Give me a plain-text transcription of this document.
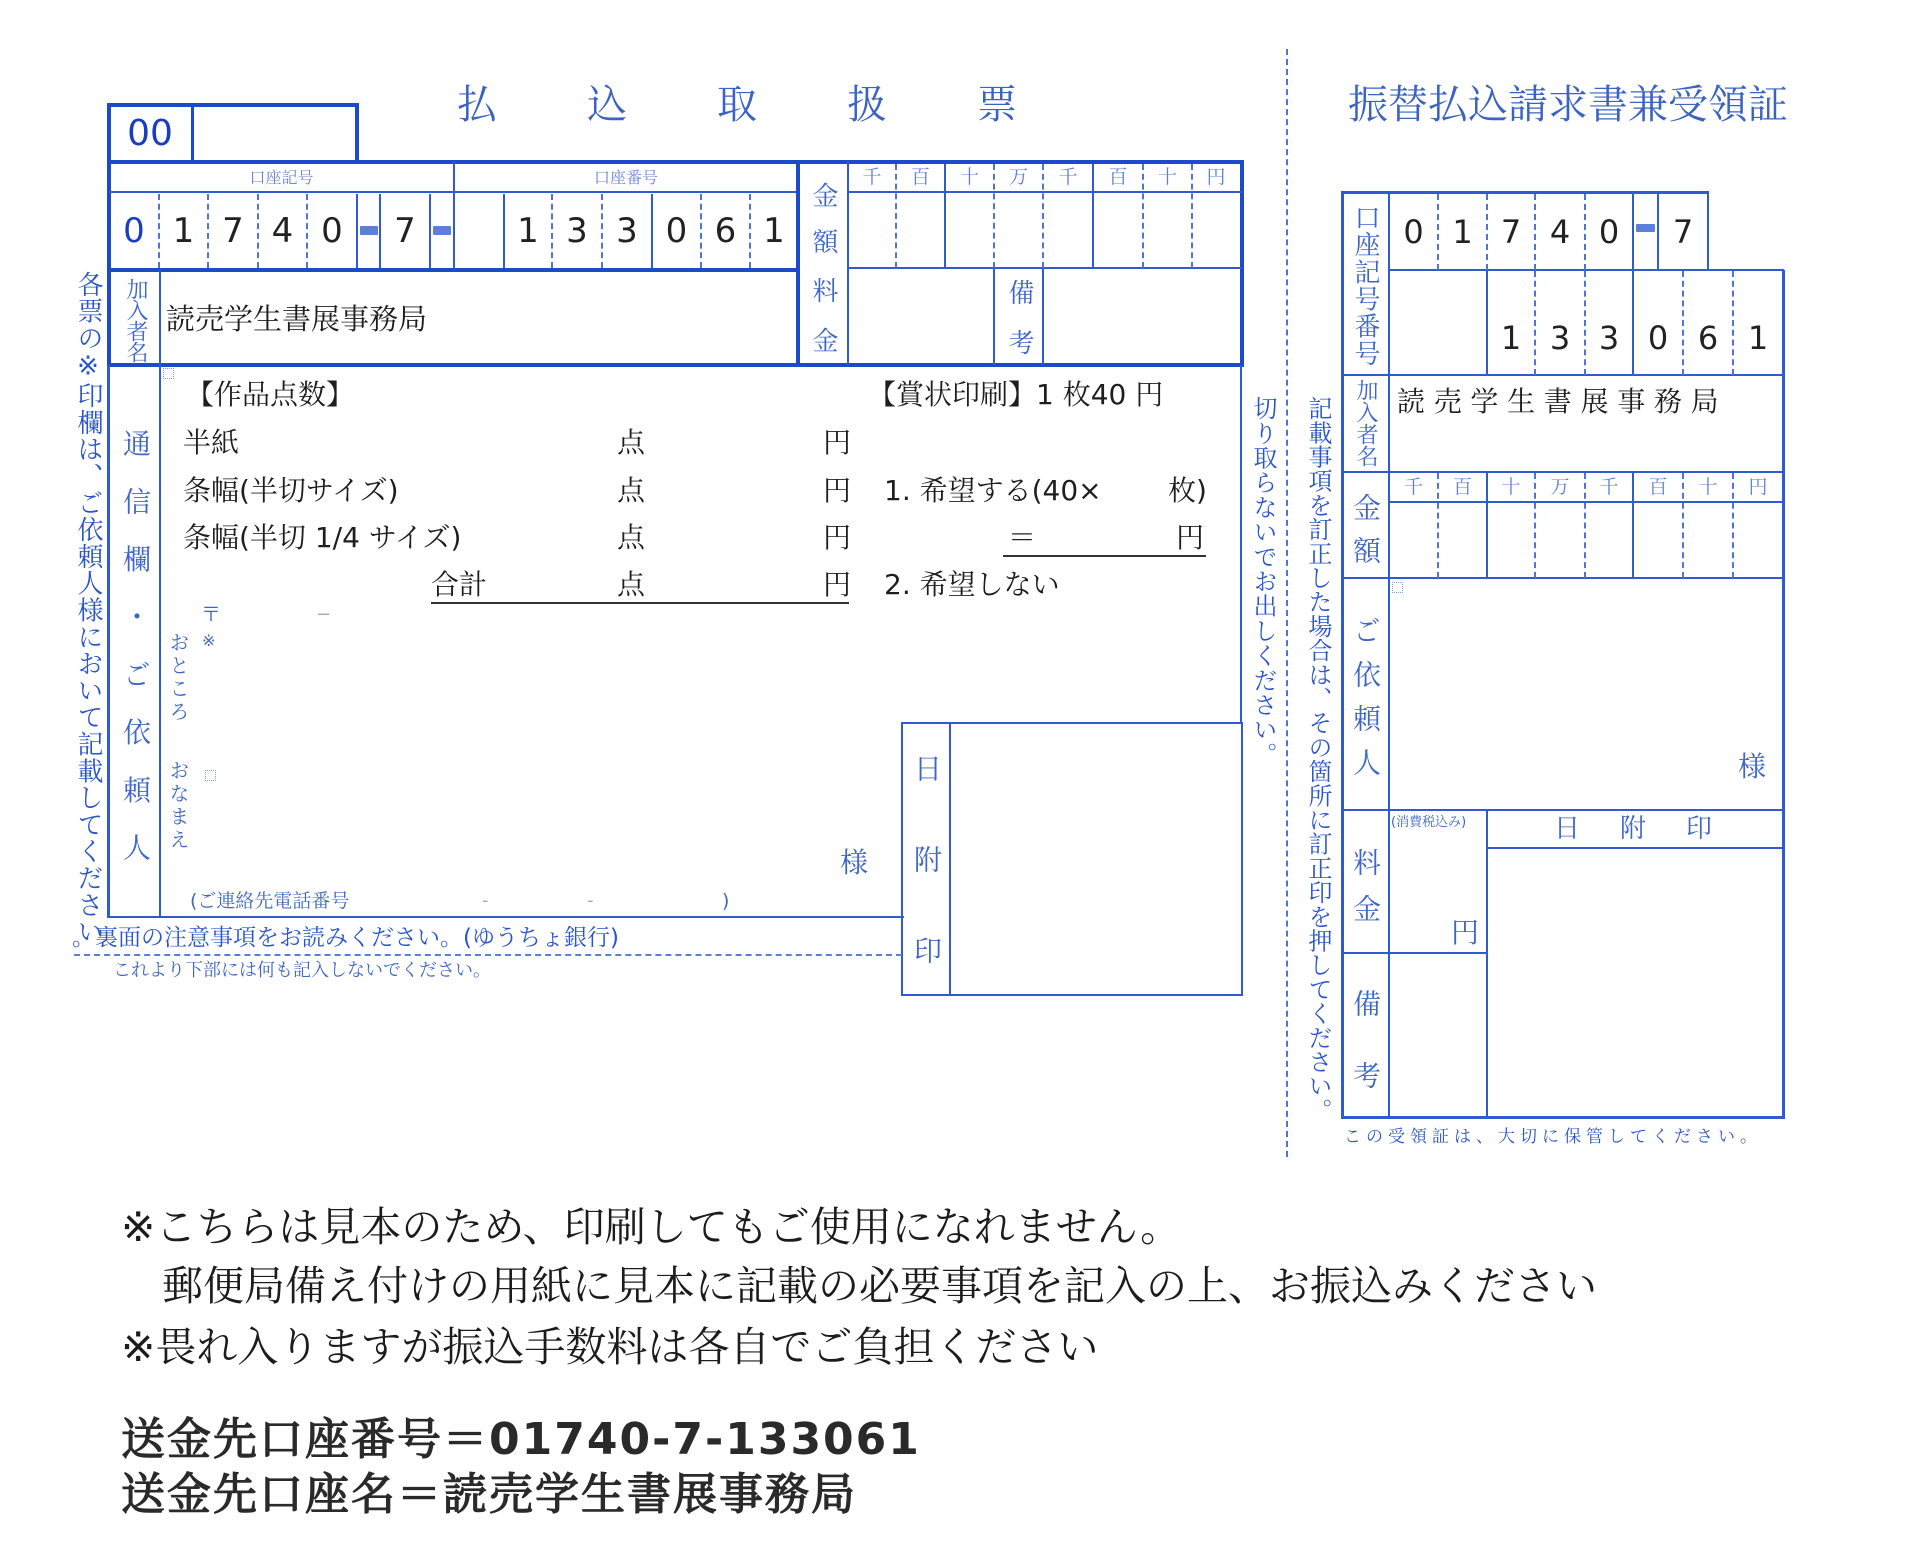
払込取扱票
00
口座記号	口座番号
0 1 7 4 0	7	1 3 3 0 6 1 金額
千	百	十	万	千	百	十	円
加入者名 読売学生書展事務局	料金	備考
通信欄・ご依頼人
【作品点数】
半紙	点	円
条幅(半切サイズ)	点	円
条幅(半切 1/4 サイズ)	点	円
合計	点	円
【賞状印刷】1 枚40 円
1. 希望する(40× 枚)
＝	円
2. 希望しない
〒	−
※
おところ
おなまえ
様
(ご連絡先電話番号	-	-	)	日附印
各票の※印欄は、ご依頼人様において記載してください
。裏面の注意事項をお読みください。(ゆうちょ銀行)
これより下部には何も記入しないでください。
切り取らないでお出しください。 記載事項を訂正した場合は、その箇所に訂正印を押してください。
振替払込請求書兼受領証
口座記号番号 0 1 7 4 0	7
1 3 3 0 6 1
加入者名 読売学生書展事務局
金額
千	百	十	万	千	百	十	円
ご依頼人	様
料金
(消費税込み)
円
日附印
備考
この受領証は、大切に保管してください。
※こちらは見本のため、印刷してもご使用になれません。
　郵便局備え付けの用紙に見本に記載の必要事項を記入の上、お振込みください
※畏れ入りますが振込手数料は各自でご負担ください
送金先口座番号＝01740-7-133061
送金先口座名＝読売学生書展事務局
